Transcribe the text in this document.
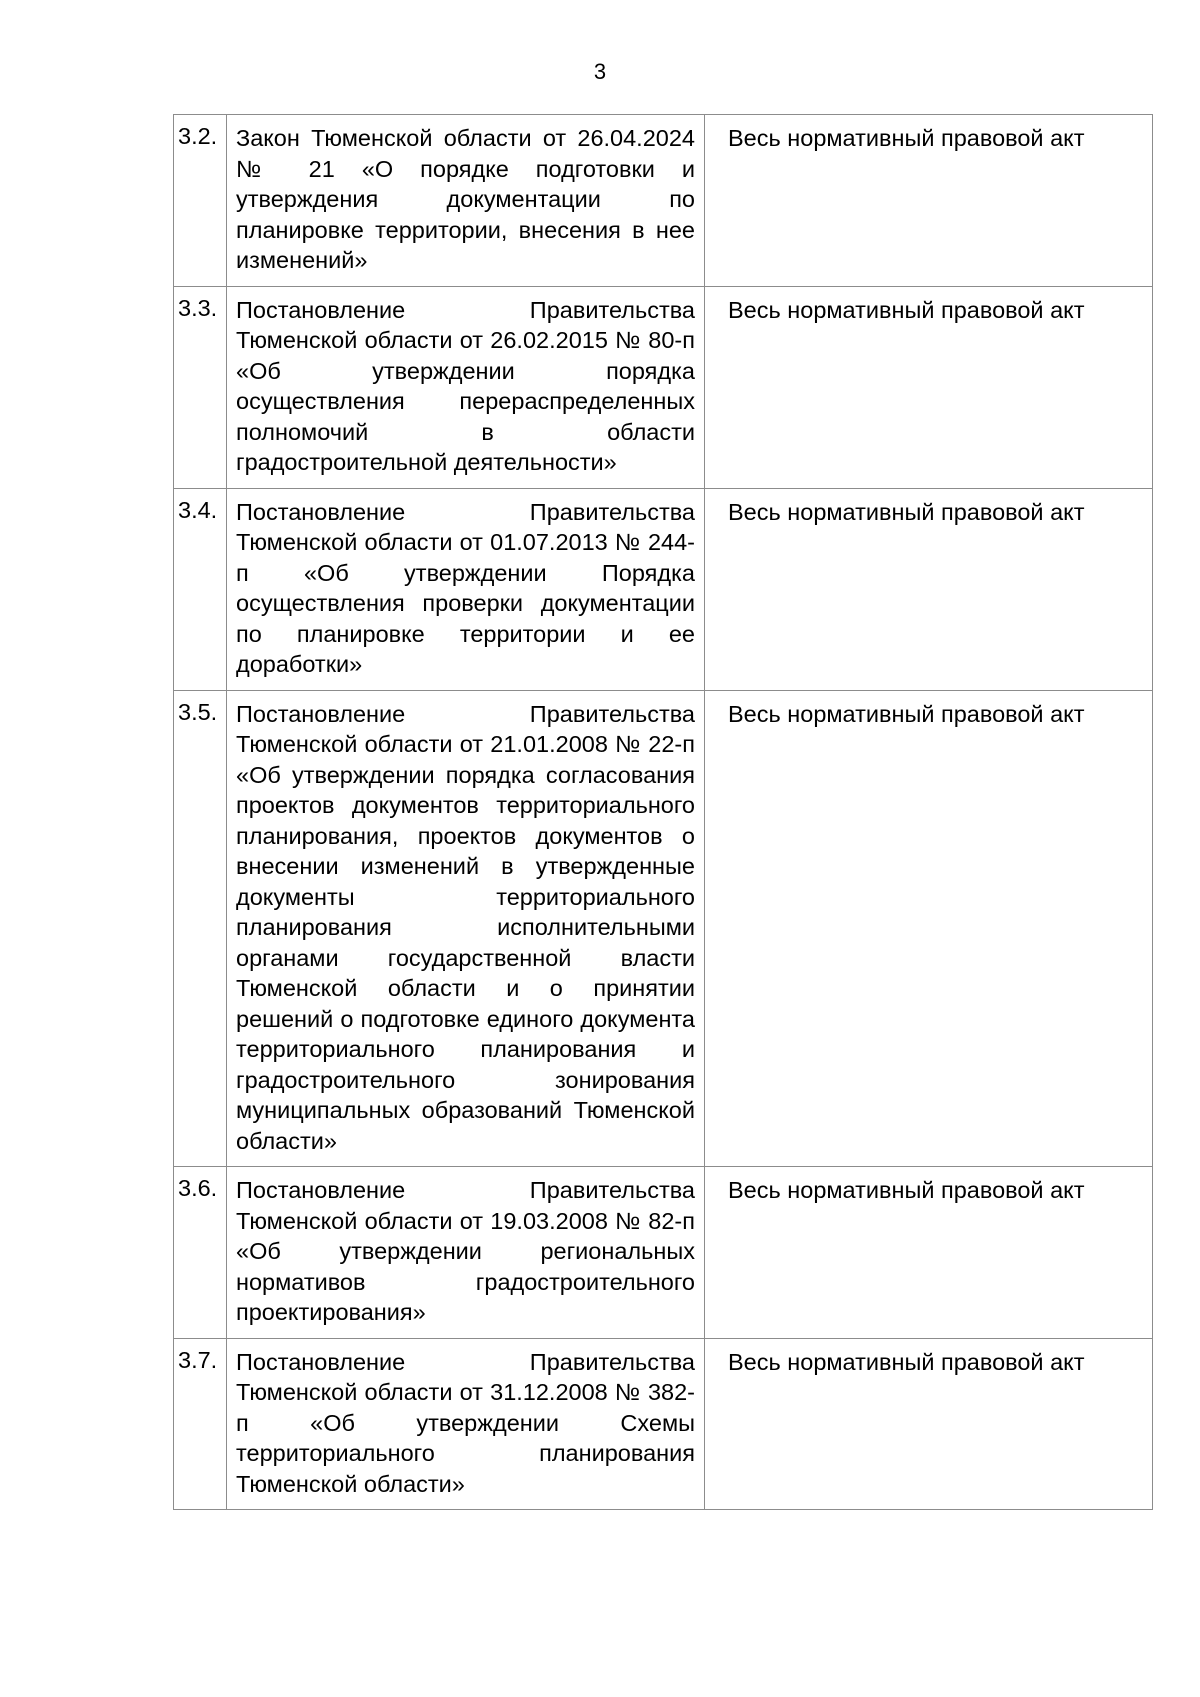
3
3.2.	Закон Тюменской области от 26.04.2024 № 21 «О порядке подготовки и утверждения документации по планировке территории, внесения в нее изменений»	Весь нормативный правовой акт
3.3.	Постановление Правительства Тюменской области от 26.02.2015 № 80-п «Об утверждении порядка осуществления перераспределенных полномочий в области градостроительной деятельности»	Весь нормативный правовой акт
3.4.	Постановление Правительства Тюменской области от 01.07.2013 № 244-п «Об утверждении Порядка осуществления проверки документации по планировке территории и ее доработки»	Весь нормативный правовой акт
3.5.	Постановление Правительства Тюменской области от 21.01.2008 № 22-п «Об утверждении порядка согласования проектов документов территориального планирования, проектов документов о внесении изменений в утвержденные документы территориального планирования исполнительными органами государственной власти Тюменской области и о принятии решений о подготовке единого документа территориального планирования и градостроительного зонирования муниципальных образований Тюменской области»	Весь нормативный правовой акт
3.6.	Постановление Правительства Тюменской области от 19.03.2008 № 82-п «Об утверждении региональных нормативов градостроительного проектирования»	Весь нормативный правовой акт
3.7.	Постановление Правительства Тюменской области от 31.12.2008 № 382-п «Об утверждении Схемы территориального планирования Тюменской области»	Весь нормативный правовой акт
